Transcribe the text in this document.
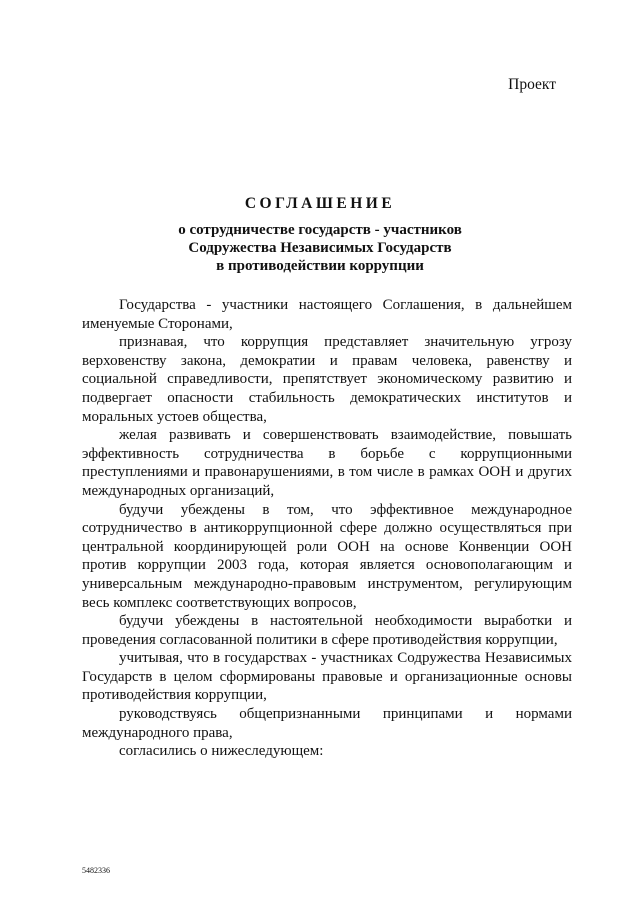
Проект
СОГЛАШЕНИЕ
о сотрудничестве государств - участников
Содружества Независимых Государств
в противодействии коррупции

Государства - участники настоящего Соглашения, в дальнейшем именуемые Сторонами,

признавая, что коррупция представляет значительную угрозу верховенству закона, демократии и правам человека, равенству и социальной справедливости, препятствует экономическому развитию и подвергает опасности стабильность демократических институтов и моральных устоев общества,

желая развивать и совершенствовать взаимодействие, повышать эффективность сотрудничества в борьбе с коррупционными преступлениями и правонарушениями, в том числе в рамках ООН и других международных организаций,

будучи убеждены в том, что эффективное международное сотрудничество в антикоррупционной сфере должно осуществляться при центральной координирующей роли ООН на основе Конвенции ООН против коррупции 2003 года, которая является основополагающим и универсальным международно-правовым инструментом, регулирующим весь комплекс соответствующих вопросов,

будучи убеждены в настоятельной необходимости выработки и проведения согласованной политики в сфере противодействия коррупции,

учитывая, что в государствах - участниках Содружества Независимых Государств в целом сформированы правовые и организационные основы противодействия коррупции,

руководствуясь общепризнанными принципами и нормами международного права,

согласились о нижеследующем:

5482336
